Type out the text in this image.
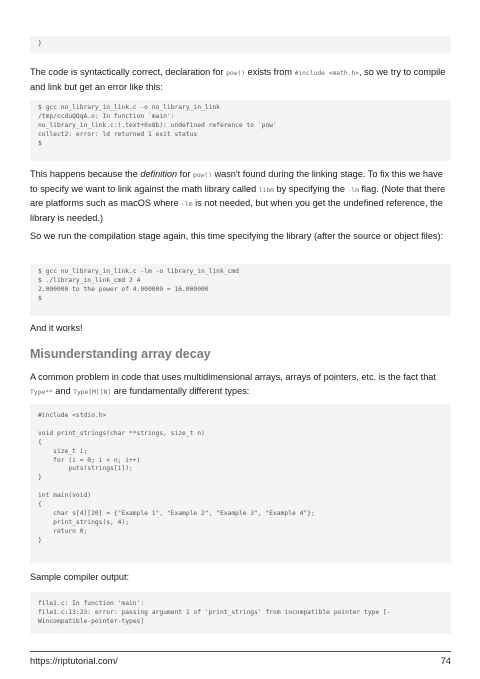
}

The code is syntactically correct, declaration for pow() exists from #include <math.h>, so we try to compile and link but get an error like this:

$ gcc no_library_in_link.c -o no_library_in_link
/tmp/ccduQQqA.o: In function `main':
no_library_in_link.c:(.text+0x8b): undefined reference to `pow'
collect2: error: ld returned 1 exit status
$

This happens because the definition for pow() wasn't found during the linking stage. To fix this we have to specify we want to link against the math library called libm by specifying the -lm flag. (Note that there are platforms such as macOS where -lm is not needed, but when you get the undefined reference, the library is needed.)

So we run the compilation stage again, this time specifying the library (after the source or object files):

$ gcc no_library_in_link.c -lm -o library_in_link_cmd
$ ./library_in_link_cmd 2 4
2.000000 to the power of 4.000000 = 16.000000
$

And it works!

Misunderstanding array decay

A common problem in code that uses multidimensional arrays, arrays of pointers, etc. is the fact that Type** and Type[M][N] are fundamentally different types:

#include <stdio.h>

void print_strings(char **strings, size_t n)
{
size_t i;
for (i = 0; i < n; i++)
puts(strings[i]);
}

int main(void)
{
char s[4][20] = {"Example 1", "Example 2", "Example 3", "Example 4"};
print_strings(s, 4);
return 0;
}

Sample compiler output:

file1.c: In function 'main':
file1.c:13:23: error: passing argument 1 of 'print_strings' from incompatible pointer type [-
Wincompatible-pointer-types]
https://riptutorial.com/	74
